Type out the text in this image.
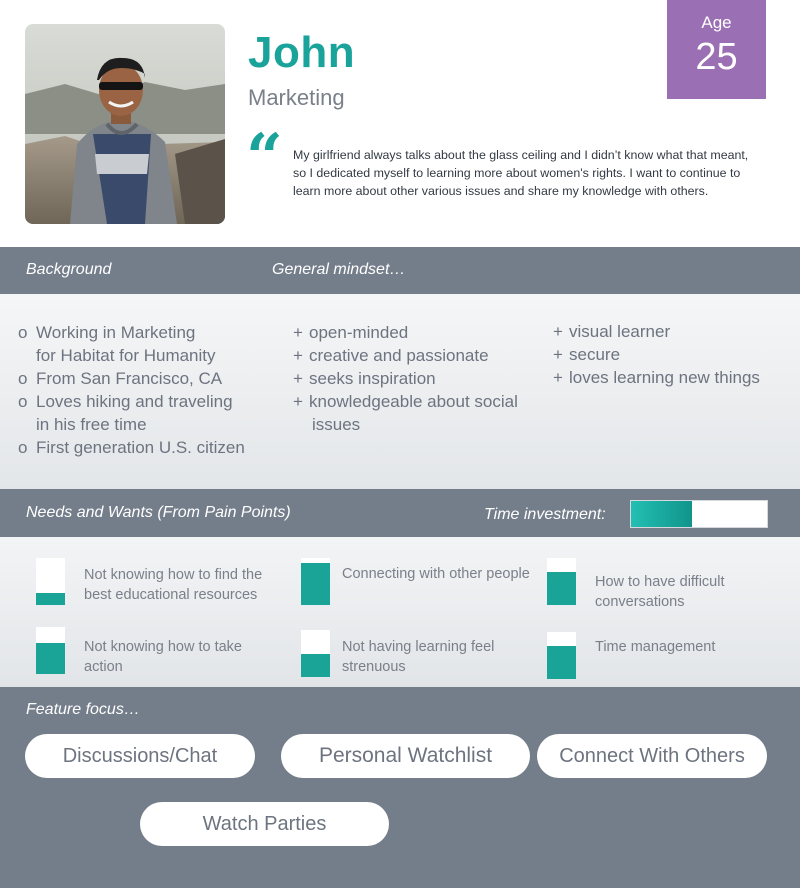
John
Marketing
Age
25
“ My girlfriend always talks about the glass ceiling and I didn’t know what that meant, so I dedicated myself to learning more about women's rights. I want to continue to learn more about other various issues and share my knowledge with others.
Background	General mindset…
o Working in Marketing
for Habitat for Humanity
o From San Francisco, CA
o Loves hiking and traveling
in his free time
o First generation U.S. citizen
+ open-minded
+ creative and passionate
+ seeks inspiration
+ knowledgeable about social
issues
+ visual learner
+ secure
+ loves learning new things
Needs and Wants (From Pain Points)	Time investment:
Not knowing how to find the best educational resources
Connecting with other people	How to have difficult conversations
Not knowing how to take action
Not having learning feel strenuous
Time management
Feature focus…
Discussions/Chat	Personal Watchlist	Connect With Others
Watch Parties
